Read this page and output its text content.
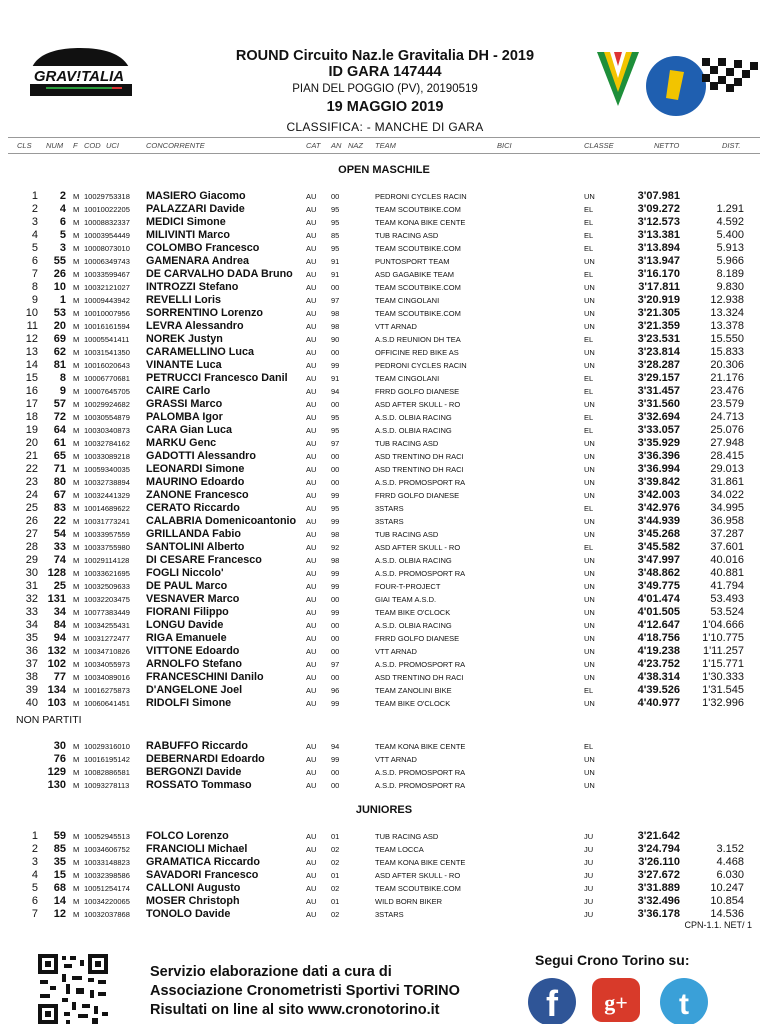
GRAV!TALIA
ROUND Circuito Naz.le Gravitalia DH - 2019
ID GARA 147444
PIAN DEL POGGIO (PV), 20190519
19 MAGGIO 2019
CLASSIFICA: - MANCHE DI GARA
CLS NUM F COD UCI	CONCORRENTE	CAT AN NAZ TEAM	BICI	CLASSE	NETTO	DIST.
OPEN MASCHILE
1	2 M 10029753318 MASIERO Giacomo	AU 00	PEDRONI CYCLES RACIN	UN	3'07.981
2	4 M 10010022205 PALAZZARI Davide	AU 95	TEAM SCOUTBIKE.COM	EL	3'09.272	1.291
3	6 M 10008832337 MEDICI Simone	AU 95	TEAM KONA BIKE CENTE	EL	3'12.573	4.592
4	5 M 10003954449 MILIVINTI Marco	AU 85	TUB RACING ASD	EL	3'13.381	5.400
5	3 M 10008073010 COLOMBO Francesco	AU 95	TEAM SCOUTBIKE.COM	EL	3'13.894	5.913
6	55 M 10006349743 GAMENARA Andrea	AU 91	PUNTOSPORT TEAM	UN	3'13.947	5.966
7	26 M 10033599467 DE CARVALHO DADA Bruno AU 91	ASD GAGABIKE TEAM	EL	3'16.170	8.189
8	10 M 10032121027 INTROZZI Stefano	AU 00	TEAM SCOUTBIKE.COM	UN	3'17.811	9.830
9	1 M 10009443942 REVELLI Loris	AU 97	TEAM CINGOLANI	UN	3'20.919	12.938
10	53 M 10010007956 SORRENTINO Lorenzo	AU 98	TEAM SCOUTBIKE.COM	UN	3'21.305	13.324
11	20 M 10016161594 LEVRA Alessandro	AU 98	VTT ARNAD	UN	3'21.359	13.378
12	69 M 10005541411 NOREK Justyn	AU 90	A.S.D REUNION DH TEA	EL	3'23.531	15.550
13	62 M 10031541350 CARAMELLINO Luca	AU 00	OFFICINE RED BIKE AS	UN	3'23.814	15.833
14	81 M 10016020643 VINANTE Luca	AU 99	PEDRONI CYCLES RACIN	UN	3'28.287	20.306
15	8 M 10006770681 PETRUCCI Francesco Danil AU 91	TEAM CINGOLANI	EL	3'29.157	21.176
16	9 M 10007645705 CAIRE Carlo	AU 94	FRRD GOLFO DIANESE	EL	3'31.457	23.476
17	57 M 10029924682 GRASSI Marco	AU 00	ASD AFTER SKULL - RO	UN	3'31.560	23.579
18	72 M 10030554879 PALOMBA Igor	AU 95	A.S.D. OLBIA RACING	EL	3'32.694	24.713
19	64 M 10030340873 CARA Gian Luca	AU 95	A.S.D. OLBIA RACING	EL	3'33.057	25.076
20	61 M 10032784162 MARKU Genc	AU 97	TUB RACING ASD	UN	3'35.929	27.948
21	65 M 10033089218 GADOTTI Alessandro	AU 00	ASD TRENTINO DH RACI	UN	3'36.396	28.415
22	71 M 10059340035 LEONARDI Simone	AU 00	ASD TRENTINO DH RACI	UN	3'36.994	29.013
23	80 M 10032738894 MAURINO Edoardo	AU 00	A.S.D. PROMOSPORT RA	UN	3'39.842	31.861
24	67 M 10032441329 ZANONE Francesco	AU 99	FRRD GOLFO DIANESE	UN	3'42.003	34.022
25	83 M 10014689622 CERATO Riccardo	AU 95	3STARS	EL	3'42.976	34.995
26	22 M 10031773241 CALABRIA Domenicoantonio AU 99	3STARS	UN	3'44.939	36.958
27	54 M 10033957559 GRILLANDA Fabio	AU 98	TUB RACING ASD	UN	3'45.268	37.287
28	33 M 10033755980 SANTOLINI Alberto	AU 92	ASD AFTER SKULL - RO	EL	3'45.582	37.601
29	74 M 10029114128 DI CESARE Francesco	AU 98	A.S.D. OLBIA RACING	UN	3'47.997	40.016
30 128 M 10033621695 FOGLI Niccolo'	AU 99	A.S.D. PROMOSPORT RA	UN	3'48.862	40.881
31	25 M 10032509633 DE PAUL Marco	AU 99	FOUR-T-PROJECT	UN	3'49.775	41.794
32 131 M 10032203475 VESNAVER Marco	AU 00	GIAI TEAM A.S.D.	UN	4'01.474	53.493
33	34 M 10077383449 FIORANI Filippo	AU 99	TEAM BIKE O'CLOCK	UN	4'01.505	53.524
34	84 M 10034255431 LONGU Davide	AU 00	A.S.D. OLBIA RACING	UN	4'12.647	1'04.666
35	94 M 10031272477 RIGA Emanuele	AU 00	FRRD GOLFO DIANESE	UN	4'18.756	1'10.775
36 132 M 10034710826 VITTONE Edoardo	AU 00	VTT ARNAD	UN	4'19.238	1'11.257
37 102 M 10034055973 ARNOLFO Stefano	AU 97	A.S.D. PROMOSPORT RA	UN	4'23.752	1'15.771
38	77 M 10034089016 FRANCESCHINI Danilo	AU 00	ASD TRENTINO DH RACI	UN	4'38.314	1'30.333
39 134 M 10016275873 D'ANGELONE Joel	AU 96	TEAM ZANOLINI BIKE	EL	4'39.526	1'31.545
40 103 M 10060641451 RIDOLFI Simone	AU 99	TEAM BIKE O'CLOCK	UN	4'40.977	1'32.996
NON PARTITI
30 M 10029316010 RABUFFO Riccardo	AU 94	TEAM KONA BIKE CENTE	EL
76 M 10016195142 DEBERNARDI Edoardo	AU 99	VTT ARNAD	UN
129 M 10082886581 BERGONZI Davide	AU 00	A.S.D. PROMOSPORT RA	UN
130 M 10093278113 ROSSATO Tommaso	AU 00	A.S.D. PROMOSPORT RA	UN
JUNIORES
1	59 M 10052945513 FOLCO Lorenzo	AU 01	TUB RACING ASD	JU	3'21.642
2	85 M 10034606752 FRANCIOLI Michael	AU 02	TEAM LOCCA	JU	3'24.794	3.152
3	35 M 10033148823 GRAMATICA Riccardo	AU 02	TEAM KONA BIKE CENTE	JU	3'26.110	4.468
4	15 M 10032398586 SAVADORI Francesco	AU 01	ASD AFTER SKULL - RO	JU	3'27.672	6.030
5	68 M 10051254174 CALLONI Augusto	AU 02	TEAM SCOUTBIKE.COM	JU	3'31.889	10.247
6	14 M 10034220065 MOSER Christoph	AU 01	WILD BORN BIKER	JU	3'32.496	10.854
7	12 M 10032037868 TONOLO Davide	AU 02	3STARS	JU	3'36.178	14.536
CPN-1.1. NET/ 1
Servizio elaborazione dati a cura di
Associazione Cronometristi Sportivi TORINO
Risultati on line al sito www.cronotorino.it
Segui Crono Torino su:
f g+ t
